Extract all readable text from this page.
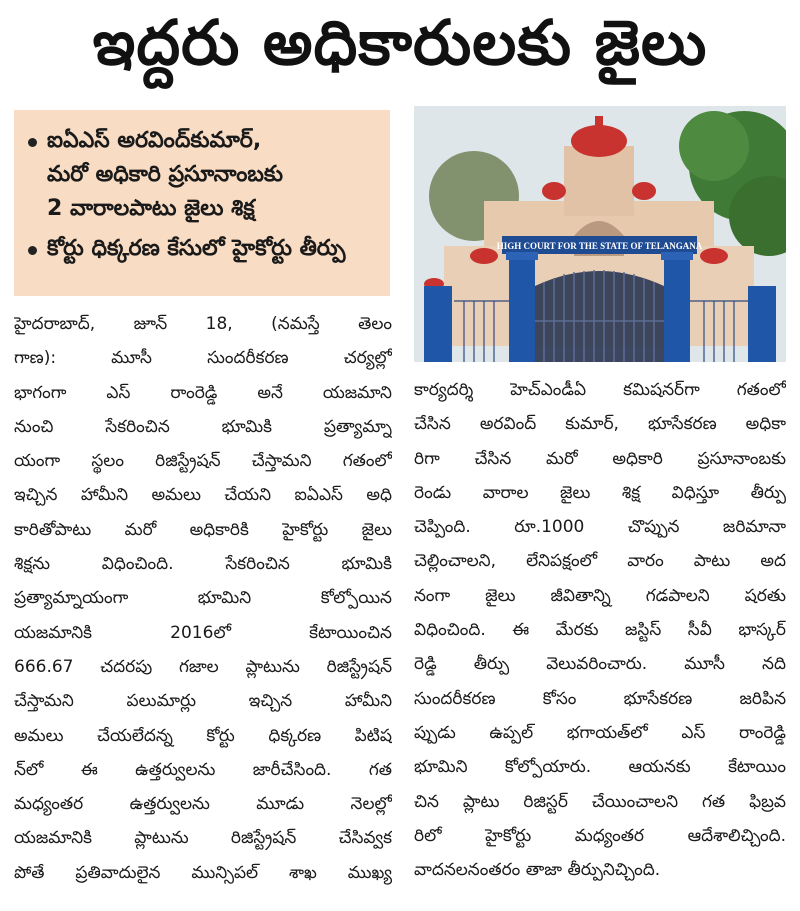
ఇద్దరు అధికారులకు జైలు
ఐఏఎస్ అరవింద్‌కుమార్,
మరో అధికారి ప్రసూనాంబకు
2 వారాలపాటు జైలు శిక్ష
కోర్టు ధిక్కరణ కేసులో హైకోర్టు తీర్పు	HIGH COURT FOR THE STATE OF TELANGANA
హైదరాబాద్, జూన్ 18, (నమస్తే తెలం
గాణ): మూసీ సుందరీకరణ చర్యల్లో
భాగంగా ఎస్ రాంరెడ్డి అనే యజమాని
నుంచి సేకరించిన భూమికి ప్రత్యామ్నా
యంగా స్థలం రిజిస్ట్రేషన్ చేస్తామని గతంలో
ఇచ్చిన హామీని అమలు చేయని ఐఏఎస్ అధి
కారితోపాటు మరో అధికారికి హైకోర్టు జైలు
శిక్షను విధించింది. సేకరించిన భూమికి
ప్రత్యామ్నాయంగా భూమిని కోల్పోయిన
యజమానికి 2016లో కేటాయించిన
666.67 చదరపు గజాల ప్లాటును రిజిస్ట్రేషన్
చేస్తామని పలుమార్లు ఇచ్చిన హామీని
అమలు చేయలేదన్న కోర్టు ధిక్కరణ పిటిష
న్‌లో ఈ ఉత్తర్వులను జారీచేసింది. గత
మధ్యంతర ఉత్తర్వులను మూడు నెలల్లో
యజమానికి ప్లాటును రిజిస్ట్రేషన్ చేసివ్వక
పోతే ప్రతివాదులైన మున్సిపల్ శాఖ ముఖ్య
కార్యదర్శి హెచ్‌ఎండీఏ కమిషనర్‌గా గతంలో
చేసిన అరవింద్ కుమార్, భూసేకరణ అధికా
రిగా చేసిన మరో అధికారి ప్రసూనాంబకు
రెండు వారాల జైలు శిక్ష విధిస్తూ తీర్పు
చెప్పింది. రూ.1000 చొప్పున జరిమానా
చెల్లించాలని, లేనిపక్షంలో వారం పాటు అద
నంగా జైలు జీవితాన్ని గడపాలని షరతు
విధించింది. ఈ మేరకు జస్టిస్ సీవీ భాస్కర్
రెడ్డి తీర్పు వెలువరించారు. మూసీ నది
సుందరీకరణ కోసం భూసేకరణ జరిపిన
ప్పుడు ఉప్పల్ భగాయత్‌లో ఎస్ రాంరెడ్డి
భూమిని కోల్పోయారు. ఆయనకు కేటాయిం
చిన ప్లాటు రిజిస్టర్ చేయించాలని గత ఫిబ్రవ
రిలో హైకోర్టు మధ్యంతర ఆదేశాలిచ్చింది.
వాదనలనంతరం తాజా తీర్పునిచ్చింది.
